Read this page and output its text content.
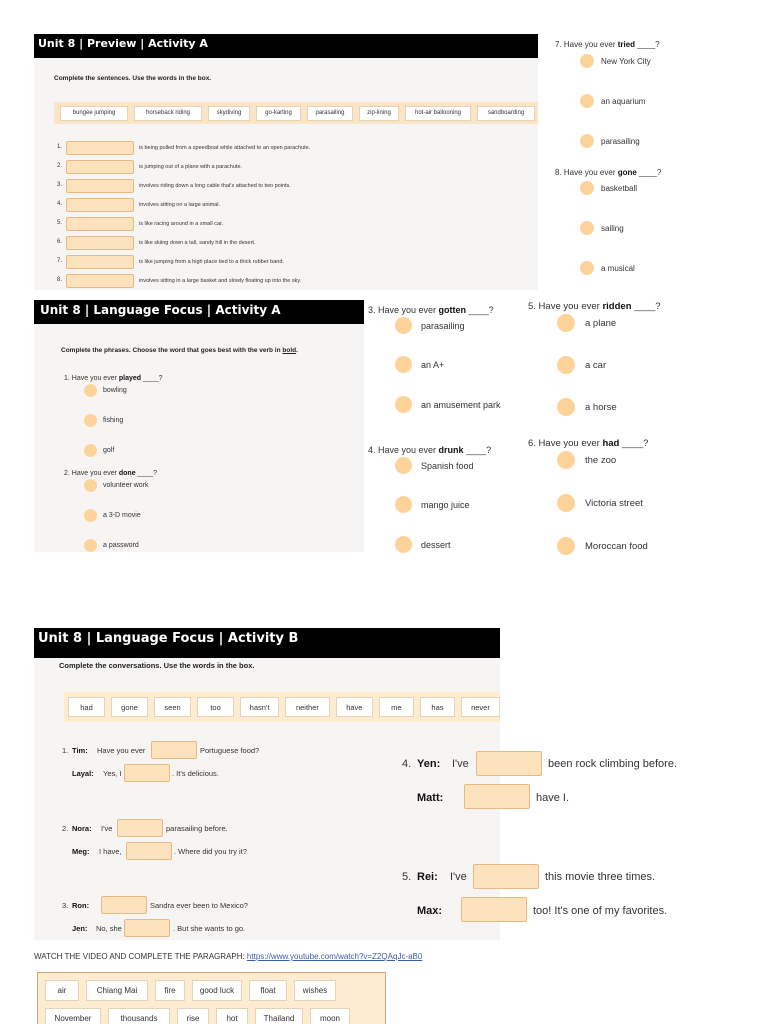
Unit 8 | Preview | Activity A
Complete the sentences. Use the words in the box.
bungee jumping	horseback riding	skydiving	go-karting	parasailing	zip-lining	hot-air ballooning	sandboarding
1.	is being pulled from a speedboat while attached to an open parachute.
2.	is jumping out of a plane with a parachute.
3.	involves riding down a long cable that's attached to two points.
4.	involves sitting on a large animal.
5.	is like racing around in a small car.
6.	is like skiing down a tall, sandy hill in the desert.
7.	is like jumping from a high place tied to a thick rubber band.
8.	involves sitting in a large basket and slowly floating up into the sky.
7. Have you ever tried ____?
New York City
an aquarium
parasailing
8. Have you ever gone ____?
basketball
sailing
a musical
Unit 8 | Language Focus | Activity A
Complete the phrases. Choose the word that goes best with the verb in bold.
1. Have you ever played ____?
bowling
fishing
golf
2. Have you ever done ____?
volunteer work
a 3-D movie
a password
3. Have you ever gotten ____?
parasailing
an A+
an amusement park
4. Have you ever drunk ____?
Spanish food
mango juice
dessert
5. Have you ever ridden ____?
a plane
a car
a horse
6. Have you ever had ____?
the zoo
Victoria street
Moroccan food
Unit 8 | Language Focus | Activity B
Complete the conversations. Use the words in the box.
had	gone	seen	too	hasn't	neither	have	me	has	never
1. Tim: Have you ever	Portuguese food?
Layal: Yes, I	. It's delicious.
2. Nora: I've	parasailing before.
Meg: I have,	. Where did you try it?
3. Ron:	Sandra ever been to Mexico?
Jen: No, she	. But she wants to go.
4. Yen: I've	been rock climbing before.
Matt:	have I.
5. Rei: I've	this movie three times.
Max:	too! It's one of my favorites.
WATCH THE VIDEO AND COMPLETE THE PARAGRAPH: https://www.youtube.com/watch?v=Z2QAqJc-aB0
air	Chiang Mai	fire	good luck	float	wishes
November	thousands	rise	hot	Thailand	moon
